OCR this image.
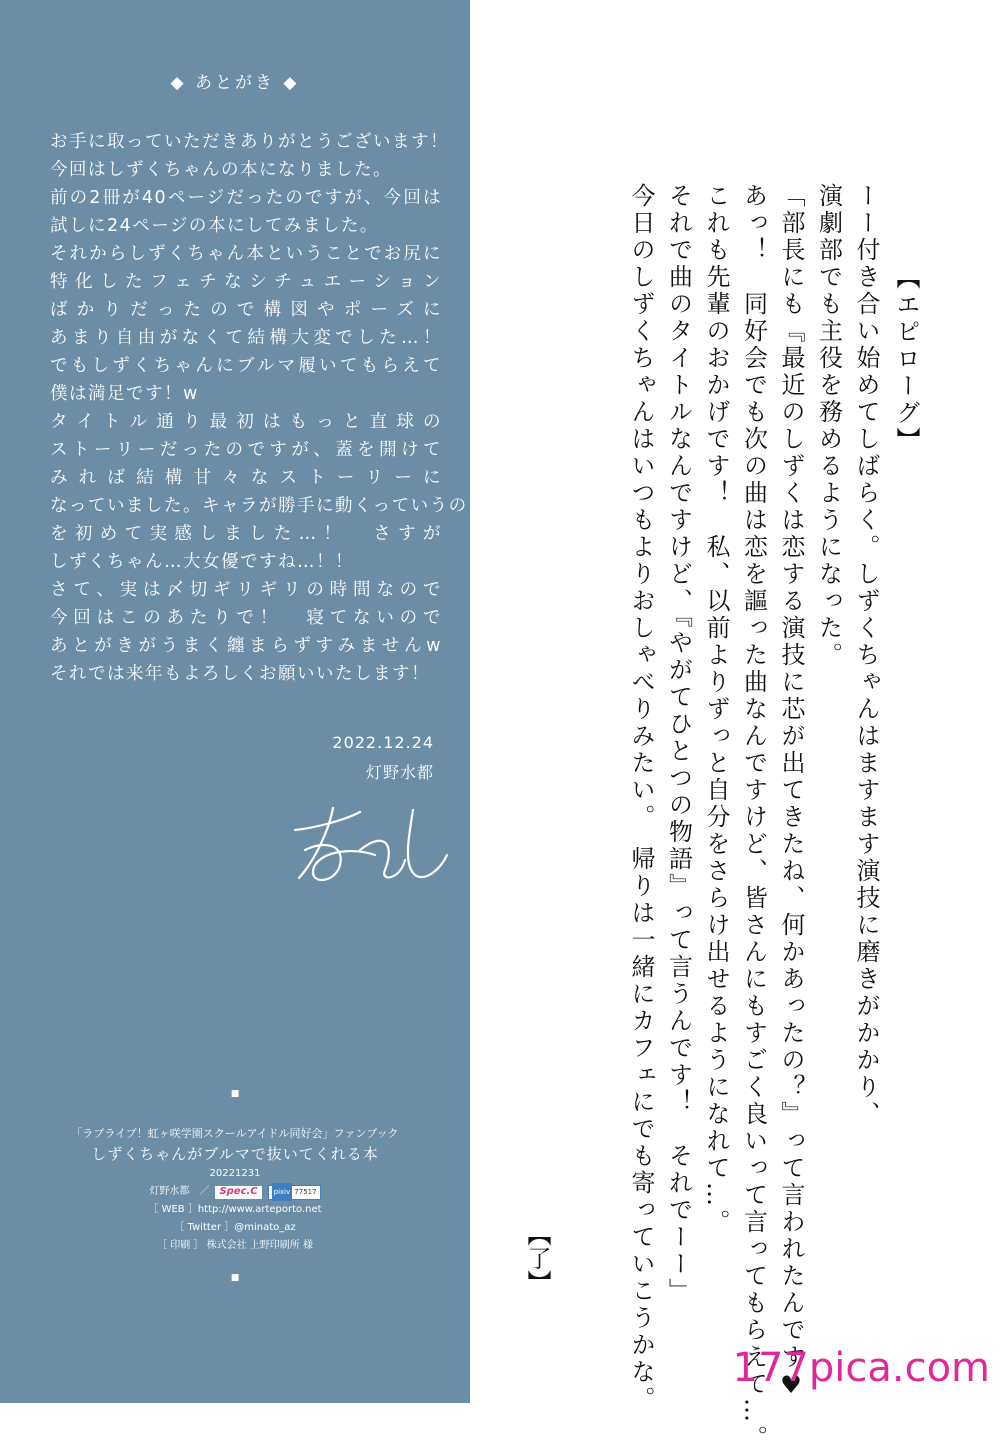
◆ あとがき ◆
お手に取っていただきありがとうございます！
今回はしずくちゃんの本になりました。
前の2冊が40ページだったのですが、今回は
試しに24ページの本にしてみました。
それからしずくちゃん本ということでお尻に
特化したフェチなシチュエーション
ばかりだったので構図やポーズに
あまり自由がなくて結構大変でした…！
でもしずくちゃんにブルマ履いてもらえて
僕は満足です！w
タイトル通り最初はもっと直球の
ストーリーだったのですが、蓋を開けて
みれば結構甘々なストーリーに
なっていました。キャラが勝手に動くっていうの
を初めて実感しました…！　さすが
しずくちゃん…大女優ですね…！！
さて、実は〆切ギリギリの時間なので
今回はこのあたりで！　寝てないので
あとがきがうまく纏まらずすみませんw
それでは来年もよろしくお願いいたします！
2022.12.24
灯野水都
■
「ラブライブ！虹ヶ咲学園スクールアイドル同好会」ファンブック
しずくちゃんがブルマで抜いてくれる本
20221231
灯野水都　／	Spec.C	pixiv 77517
［ WEB ］http://www.arteporto.net
［ Twitter ］@minato_az
［ 印刷 ］ 株式会社 上野印刷所 様
■
【エピローグ】
ーー付き合い始めてしばらく。しずくちゃんはますます演技に磨きがかかり、
演劇部でも主役を務めるようになった。
「部長にも『最近のしずくは恋する演技に芯が出てきたね、何かあったの？』って言われたんです♥
あっ！　同好会でも次の曲は恋を謳った曲なんですけど、皆さんにもすごく良いって言ってもらえて…。
これも先輩のおかげです！　私、以前よりずっと自分をさらけ出せるようになれて…。
それで曲のタイトルなんですけど、『やがてひとつの物語』って言うんです！　それでーー」
今日のしずくちゃんはいつもよりおしゃべりみたい。　帰りは一緒にカフェにでも寄っていこうかな。
【了】
177pica.com
